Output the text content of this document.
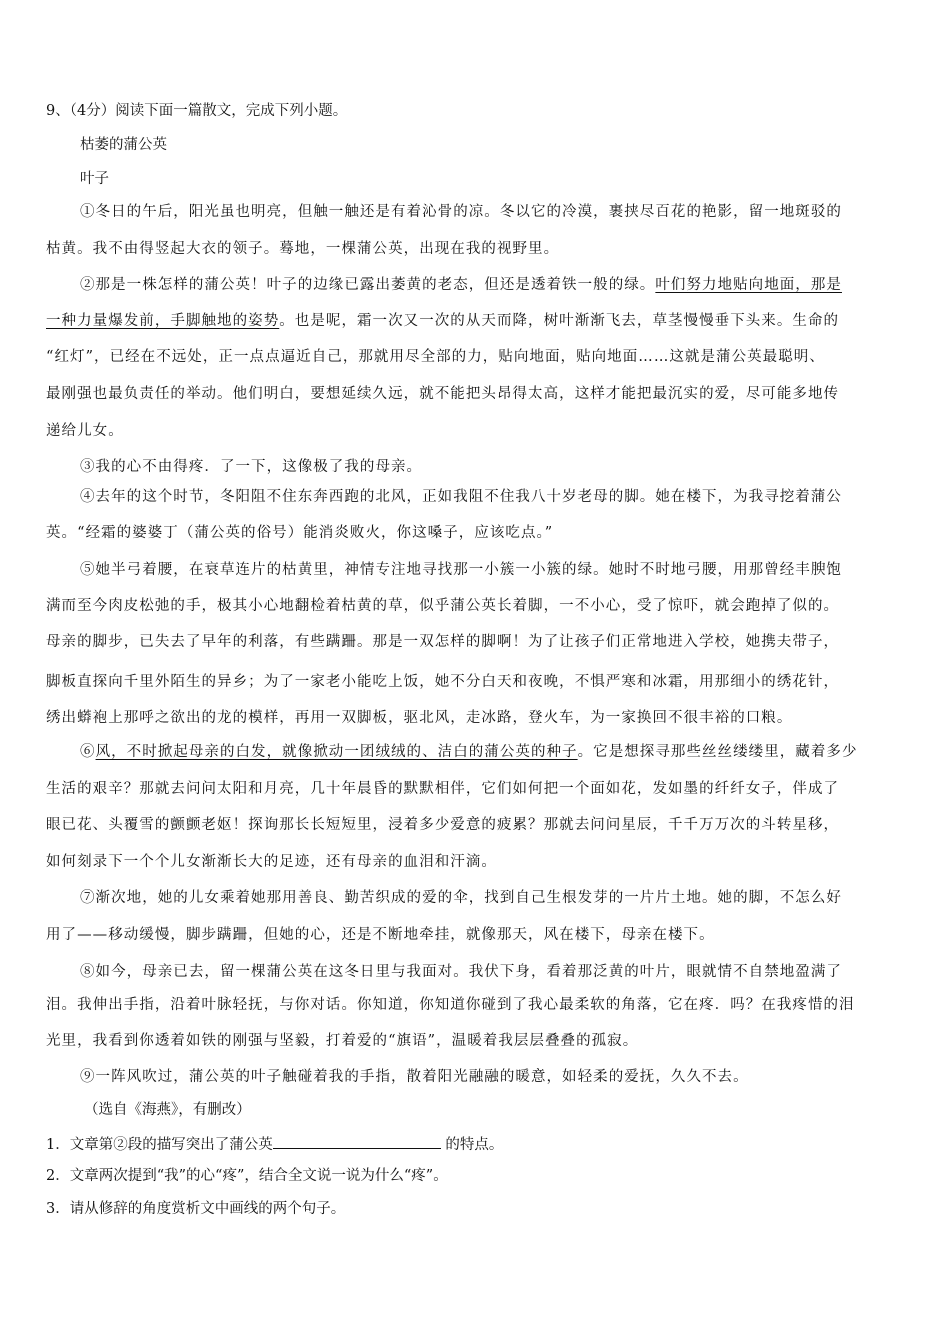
9、（4分）阅读下面一篇散文，完成下列小题。
枯萎的蒲公英
叶子
①冬日的午后，阳光虽也明亮，但触一触还是有着沁骨的凉。冬以它的冷漠，裹挟尽百花的艳影，留一地斑驳的
枯黄。我不由得竖起大衣的领子。蓦地，一棵蒲公英，出现在我的视野里。
②那是一株怎样的蒲公英！叶子的边缘已露出萎黄的老态，但还是透着铁一般的绿。叶们努力地贴向地面，那是
一种力量爆发前，手脚触地的姿势。也是呢，霜一次又一次的从天而降，树叶渐渐飞去，草茎慢慢垂下头来。生命的
“红灯”，已经在不远处，正一点点逼近自己，那就用尽全部的力，贴向地面，贴向地面……这就是蒲公英最聪明、
最刚强也最负责任的举动。他们明白，要想延续久远，就不能把头昂得太高，这样才能把最沉实的爱，尽可能多地传
递给儿女。
③我的心不由得疼．了一下，这像极了我的母亲。
④去年的这个时节，冬阳阻不住东奔西跑的北风，正如我阻不住我八十岁老母的脚。她在楼下，为我寻挖着蒲公
英。“经霜的婆婆丁（蒲公英的俗号）能消炎败火，你这嗓子，应该吃点。”
⑤她半弓着腰，在衰草连片的枯黄里，神情专注地寻找那一小簇一小簇的绿。她时不时地弓腰，用那曾经丰腴饱
满而至今肉皮松弛的手，极其小心地翻检着枯黄的草，似乎蒲公英长着脚，一不小心，受了惊吓，就会跑掉了似的。
母亲的脚步，已失去了早年的利落，有些蹒跚。那是一双怎样的脚啊！为了让孩子们正常地进入学校，她携夫带子，
脚板直探向千里外陌生的异乡；为了一家老小能吃上饭，她不分白天和夜晚，不惧严寒和冰霜，用那细小的绣花针，
绣出蟒袍上那呼之欲出的龙的模样，再用一双脚板，驱北风，走冰路，登火车，为一家换回不很丰裕的口粮。
⑥风，不时掀起母亲的白发，就像掀动一团绒绒的、洁白的蒲公英的种子。它是想探寻那些丝丝缕缕里，藏着多少
生活的艰辛？那就去问问太阳和月亮，几十年晨昏的默默相伴，它们如何把一个面如花，发如墨的纤纤女子，伴成了
眼已花、头覆雪的颤颤老妪！探询那长长短短里，浸着多少爱意的疲累？那就去问问星辰，千千万万次的斗转星移，
如何刻录下一个个儿女渐渐长大的足迹，还有母亲的血泪和汗滴。
⑦渐次地，她的儿女乘着她那用善良、勤苦织成的爱的伞，找到自己生根发芽的一片片土地。她的脚，不怎么好
用了——移动缓慢，脚步蹒跚，但她的心，还是不断地牵挂，就像那天，风在楼下，母亲在楼下。
⑧如今，母亲已去，留一棵蒲公英在这冬日里与我面对。我伏下身，看着那泛黄的叶片，眼就情不自禁地盈满了
泪。我伸出手指，沿着叶脉轻抚，与你对话。你知道，你知道你碰到了我心最柔软的角落，它在疼．吗？在我疼惜的泪
光里，我看到你透着如铁的刚强与坚毅，打着爱的“旗语”，温暖着我层层叠叠的孤寂。
⑨一阵风吹过，蒲公英的叶子触碰着我的手指，散着阳光融融的暖意，如轻柔的爱抚，久久不去。
（选自《海燕》，有删改）
1．文章第②段的描写突出了蒲公英	的特点。
2．文章两次提到“我”的心“疼”，结合全文说一说为什么“疼”。
3．请从修辞的角度赏析文中画线的两个句子。
